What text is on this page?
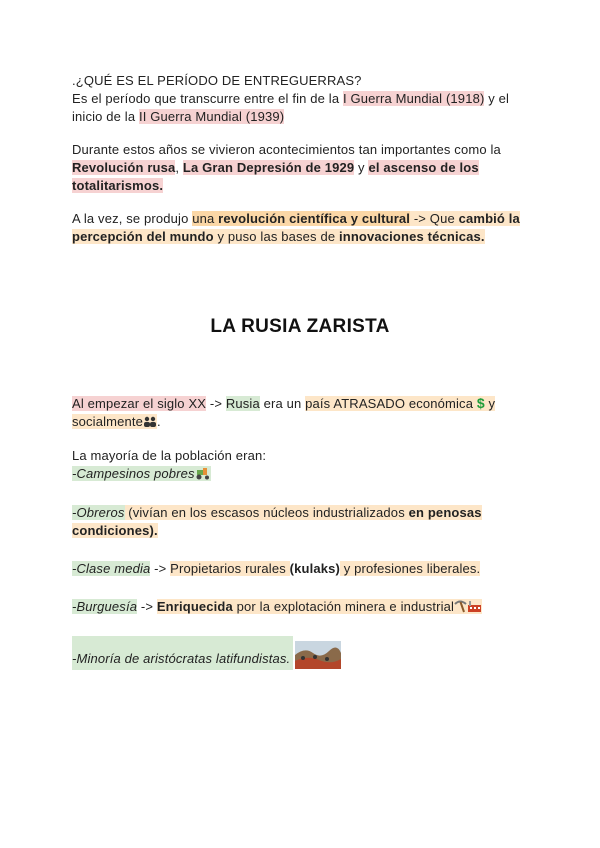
.¿QUÉ ES EL PERÍODO DE ENTREGUERRAS?
Es el período que transcurre entre el fin de la I Guerra Mundial (1918) y el inicio de la II Guerra Mundial (1939)
Durante estos años se vivieron acontecimientos tan importantes como la Revolución rusa, La Gran Depresión de 1929 y el ascenso de los totalitarismos.
A la vez, se produjo una revolución científica y cultural -> Que cambió la percepción del mundo y puso las bases de innovaciones técnicas.
LA RUSIA ZARISTA
Al empezar el siglo XX -> Rusia era un país ATRASADO económica $ y socialmente .
La mayoría de la población eran:
-Campesinos pobres
-Obreros (vivían en los escasos núcleos industrializados en penosas condiciones).
-Clase media -> Propietarios rurales (kulaks) y profesiones liberales.
-Burguesía -> Enriquecida por la explotación minera e industrial
-Minoría de aristócratas latifundistas.
